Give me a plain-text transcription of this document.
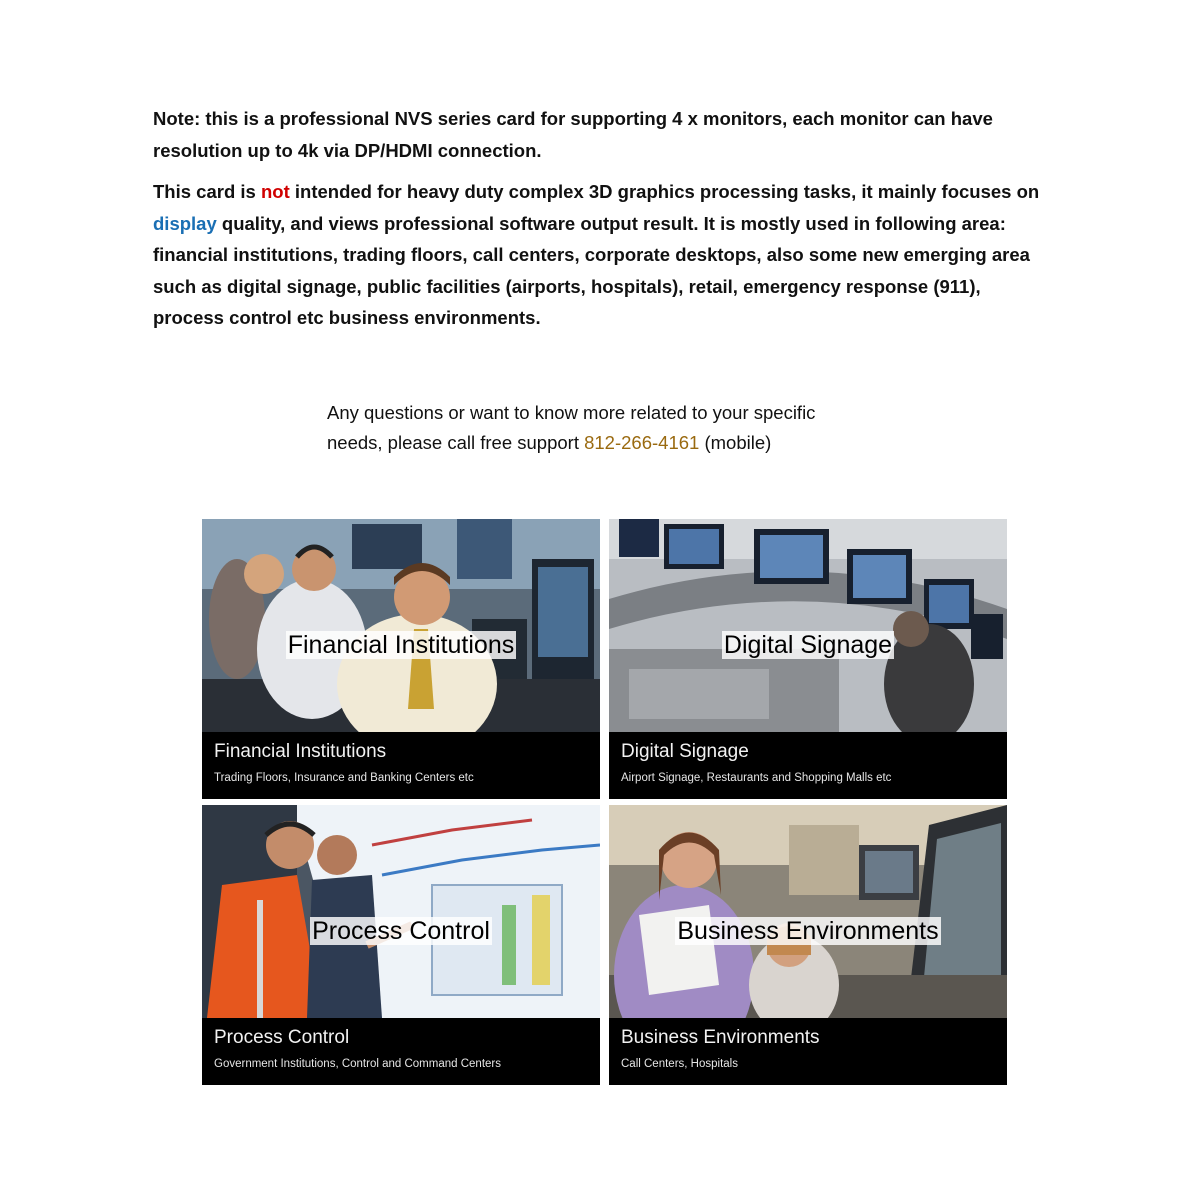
Note: this is a professional NVS series card for supporting 4 x monitors, each monitor can have resolution up to 4k via DP/HDMI connection.

This card is not intended for heavy duty complex 3D graphics processing tasks, it mainly focuses on display quality, and views professional software output result. It is mostly used in following area: financial institutions, trading floors, call centers, corporate desktops, also some new emerging area such as digital signage, public facilities (airports, hospitals), retail, emergency response (911), process control etc business environments.

Any questions or want to know more related to your specific

needs, please call free support 812-266-4161 (mobile)

Financial Institutions
Financial Institutions
Trading Floors, Insurance and Banking Centers etc
Digital Signage
Digital Signage
Airport Signage, Restaurants and Shopping Malls etc
Process Control
Process Control
Government Institutions, Control and Command Centers
Business Environments
Business Environments
Call Centers, Hospitals
